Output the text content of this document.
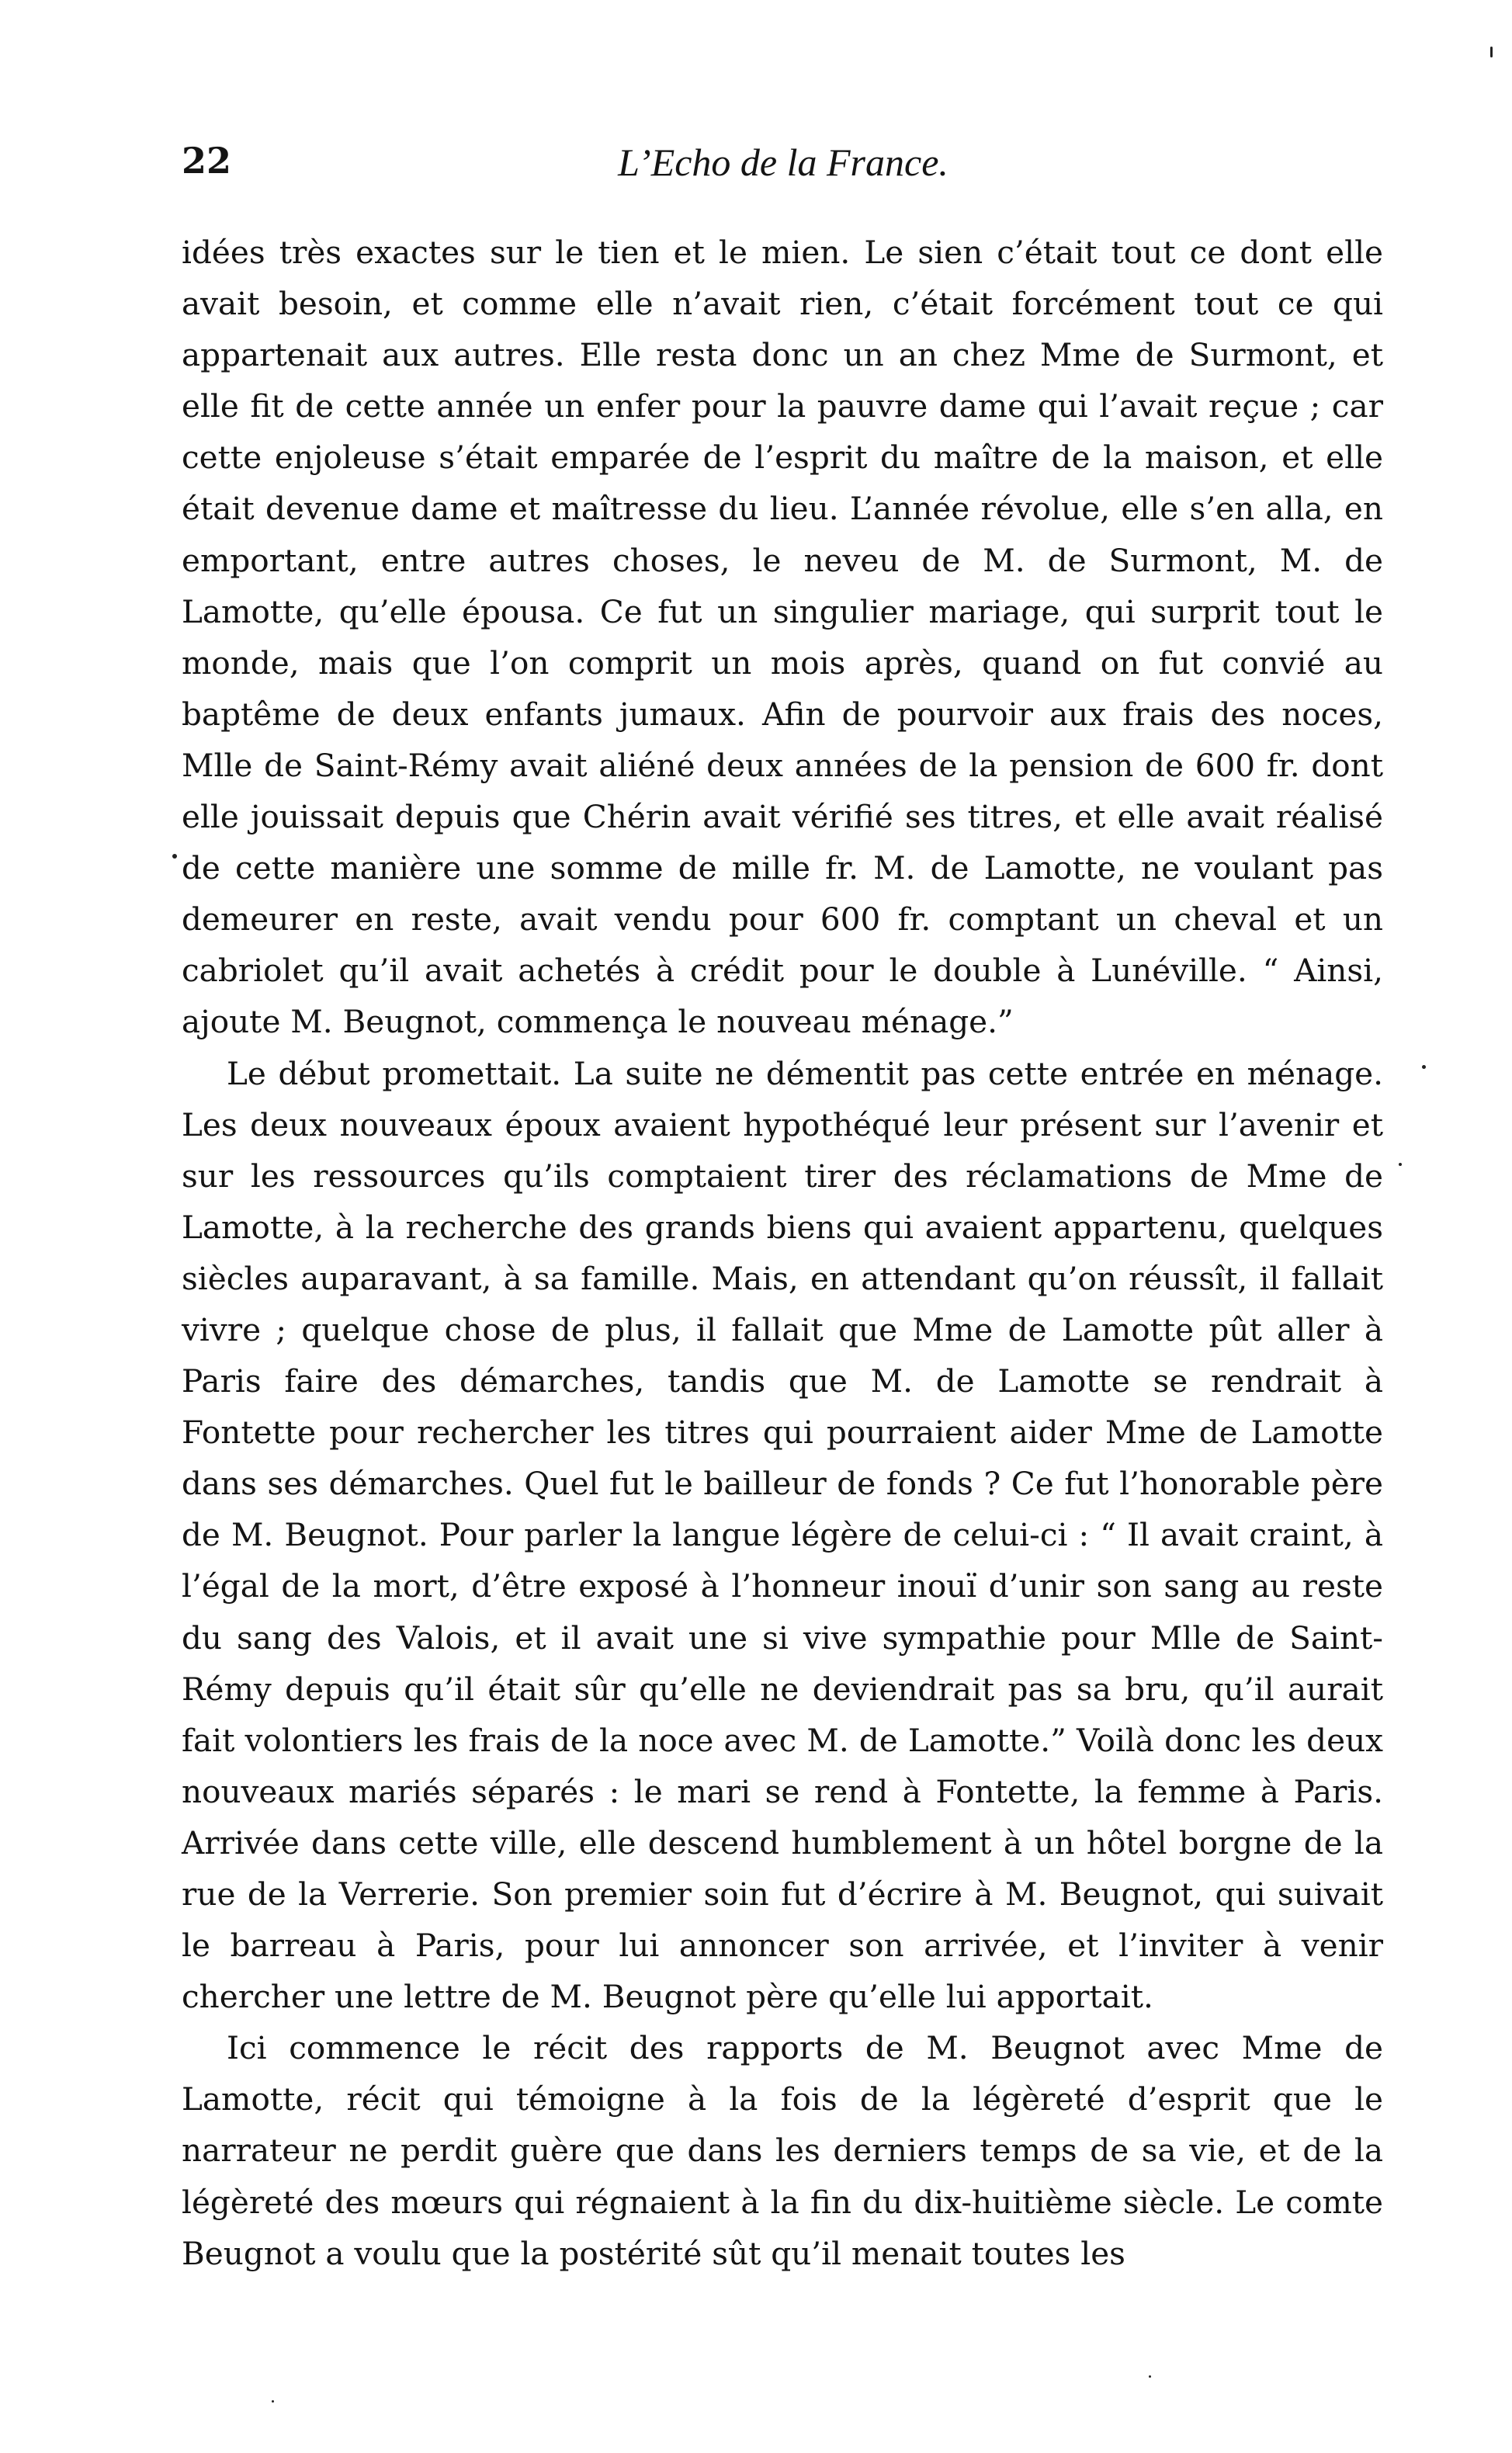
22	L’Echo de la France.

idées très exactes sur le tien et le mien. Le sien c’était tout ce dont elle avait besoin, et comme elle n’avait rien, c’était forcément tout ce qui appartenait aux autres. Elle resta donc un an chez Mme de Surmont, et elle fit de cette année un enfer pour la pauvre dame qui l’avait reçue ; car cette enjoleuse s’était emparée de l’esprit du maître de la maison, et elle était devenue dame et maîtresse du lieu. L’année révolue, elle s’en alla, en emportant, entre autres choses, le neveu de M. de Surmont, M. de Lamotte, qu’elle épousa. Ce fut un singulier mariage, qui surprit tout le monde, mais que l’on comprit un mois après, quand on fut convié au baptême de deux enfants jumaux. Afin de pourvoir aux frais des noces, Mlle de Saint-Rémy avait aliéné deux années de la pension de 600 fr. dont elle jouissait depuis que Chérin avait vérifié ses titres, et elle avait réalisé de cette manière une somme de mille fr. M. de Lamotte, ne voulant pas demeurer en reste, avait vendu pour 600 fr. comptant un cheval et un cabriolet qu’il avait achetés à crédit pour le double à Lunéville. “ Ainsi, ajoute M. Beugnot, commença le nouveau ménage.”

Le début promettait. La suite ne démentit pas cette entrée en ménage. Les deux nouveaux époux avaient hypothéqué leur présent sur l’avenir et sur les ressources qu’ils comptaient tirer des réclamations de Mme de Lamotte, à la recherche des grands biens qui avaient appartenu, quelques siècles auparavant, à sa famille. Mais, en attendant qu’on réussît, il fallait vivre ; quelque chose de plus, il fallait que Mme de Lamotte pût aller à Paris faire des démarches, tandis que M. de Lamotte se rendrait à Fontette pour rechercher les titres qui pourraient aider Mme de Lamotte dans ses démarches. Quel fut le bailleur de fonds ? Ce fut l’honorable père de M. Beugnot. Pour parler la langue légère de celui-ci : “ Il avait craint, à l’égal de la mort, d’être exposé à l’honneur inouï d’unir son sang au reste du sang des Valois, et il avait une si vive sympathie pour Mlle de Saint-Rémy depuis qu’il était sûr qu’elle ne deviendrait pas sa bru, qu’il aurait fait volontiers les frais de la noce avec M. de Lamotte.” Voilà donc les deux nouveaux mariés séparés : le mari se rend à Fontette, la femme à Paris. Arrivée dans cette ville, elle descend humblement à un hôtel borgne de la rue de la Verrerie. Son premier soin fut d’écrire à M. Beugnot, qui suivait le barreau à Paris, pour lui annoncer son arrivée, et l’inviter à venir chercher une lettre de M. Beugnot père qu’elle lui apportait.

Ici commence le récit des rapports de M. Beugnot avec Mme de Lamotte, récit qui témoigne à la fois de la légèreté d’esprit que le narrateur ne perdit guère que dans les derniers temps de sa vie, et de la légèreté des mœurs qui régnaient à la fin du dix-huitième siècle. Le comte Beugnot a voulu que la postérité sût qu’il menait toutes les
